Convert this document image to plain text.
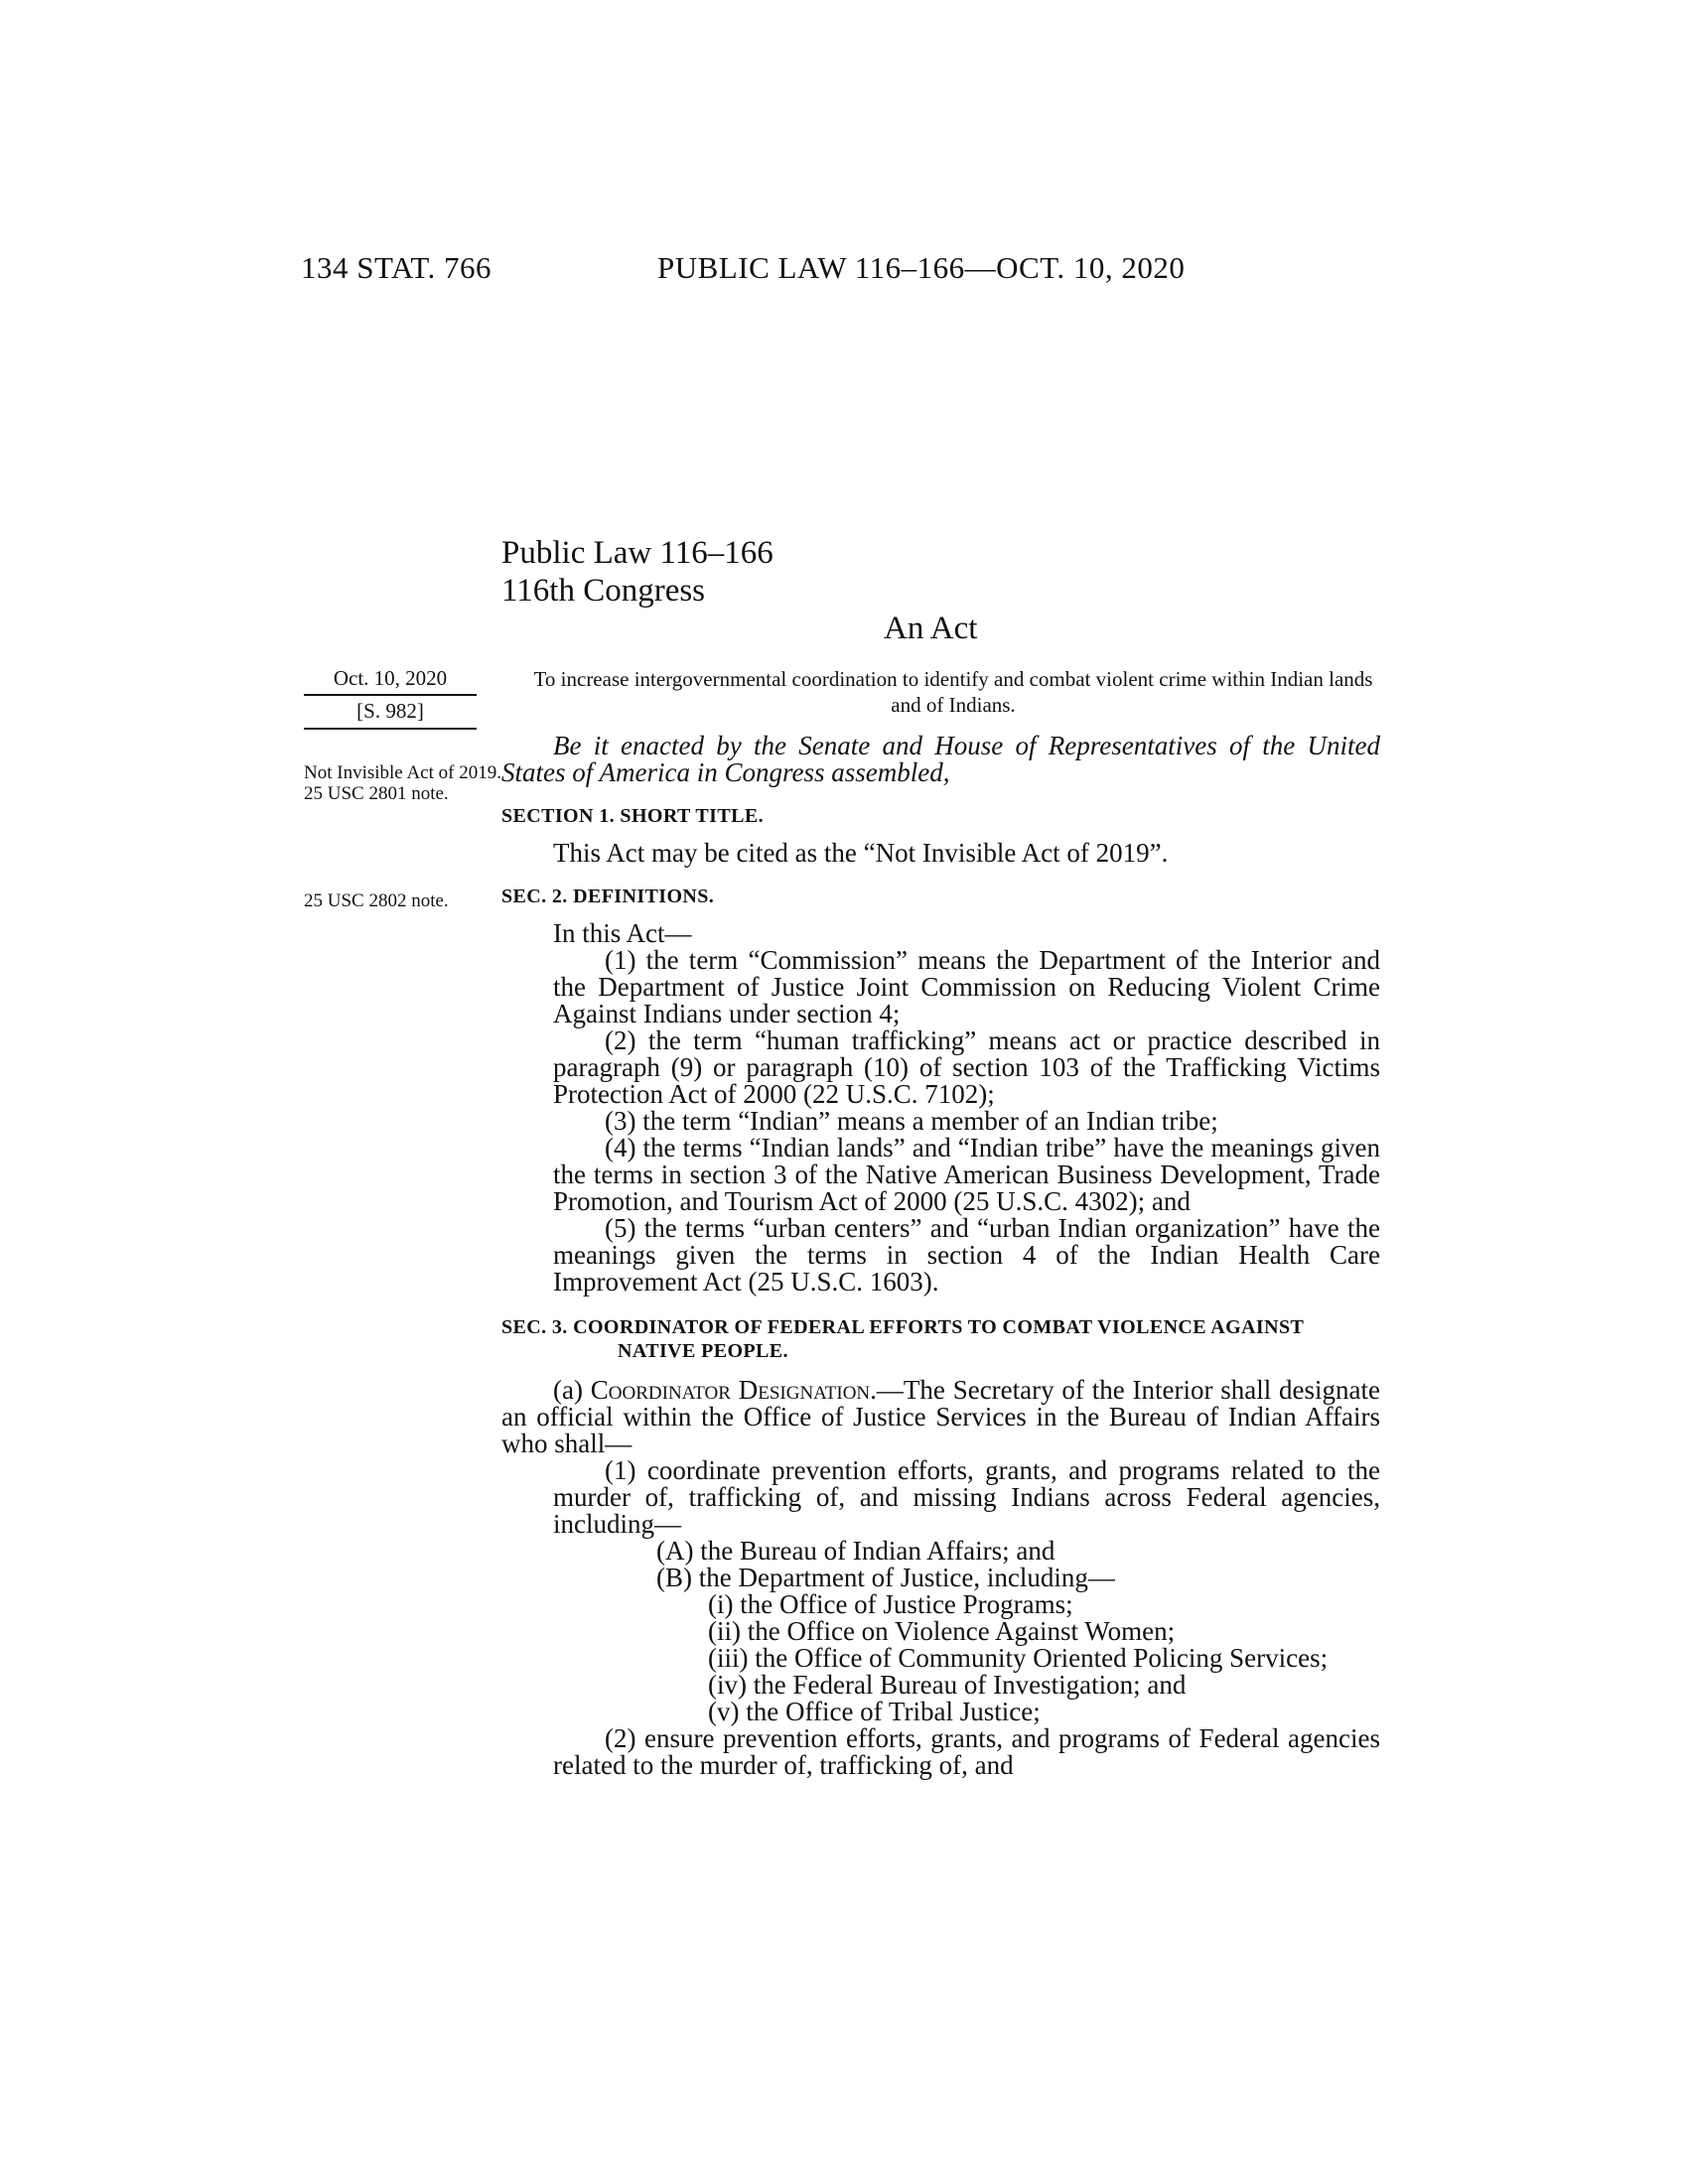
134 STAT. 766	PUBLIC LAW 116–166—OCT. 10, 2020
Public Law 116–166
116th Congress
An Act
Oct. 10, 2020
[S. 982]
To increase intergovernmental coordination to identify and combat violent crime within Indian lands and of Indians.
Not Invisible Act of 2019. 25 USC 2801 note.
25 USC 2802 note.

Be it enacted by the Senate and House of Representatives of the United States of America in Congress assembled,

SECTION 1. SHORT TITLE.

This Act may be cited as the “Not Invisible Act of 2019”.

SEC. 2. DEFINITIONS.

In this Act—

(1) the term “Commission” means the Department of the Interior and the Department of Justice Joint Commission on Reducing Violent Crime Against Indians under section 4;

(2) the term “human trafficking” means act or practice described in paragraph (9) or paragraph (10) of section 103 of the Trafficking Victims Protection Act of 2000 (22 U.S.C. 7102);

(3) the term “Indian” means a member of an Indian tribe;

(4) the terms “Indian lands” and “Indian tribe” have the meanings given the terms in section 3 of the Native American Business Development, Trade Promotion, and Tourism Act of 2000 (25 U.S.C. 4302); and

(5) the terms “urban centers” and “urban Indian organization” have the meanings given the terms in section 4 of the Indian Health Care Improvement Act (25 U.S.C. 1603).

SEC. 3. COORDINATOR OF FEDERAL EFFORTS TO COMBAT VIOLENCE AGAINST NATIVE PEOPLE.

(a) Coordinator Designation.—The Secretary of the Interior shall designate an official within the Office of Justice Services in the Bureau of Indian Affairs who shall—

(1) coordinate prevention efforts, grants, and programs related to the murder of, trafficking of, and missing Indians across Federal agencies, including—

(A) the Bureau of Indian Affairs; and

(B) the Department of Justice, including—

(i) the Office of Justice Programs;

(ii) the Office on Violence Against Women;

(iii) the Office of Community Oriented Policing Services;

(iv) the Federal Bureau of Investigation; and

(v) the Office of Tribal Justice;

(2) ensure prevention efforts, grants, and programs of Federal agencies related to the murder of, trafficking of, and
